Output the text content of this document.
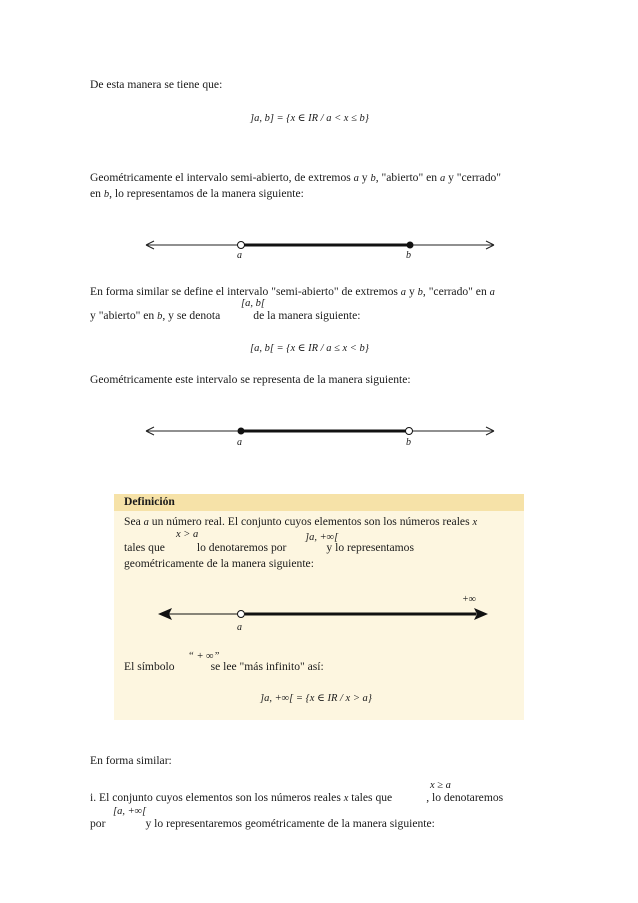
De esta manera se tiene que:
]a, b] = {x ∈ IR / a < x ≤ b}
Geométricamente el intervalo semi-abierto, de extremos a y b, "abierto" en a y "cerrado"
en b, lo representamos de la manera siguiente:
a	b
En forma similar se define el intervalo "semi-abierto" de extremos a y b, "cerrado" en a
[a, b[
y "abierto" en b, y se denota	de la manera siguiente:
[a, b[ = {x ∈ IR / a ≤ x < b}
Geométricamente este intervalo se representa de la manera siguiente:
a	b
Definición
Sea a un número real. El conjunto cuyos elementos son los números reales x
x > a	]a, +∞[
tales que	lo denotaremos por	y lo representamos
geométricamente de la manera siguiente:
+∞
a
“ + ∞”
El símbolo	se lee "más infinito" así:
]a, +∞[ = {x ∈ IR / x > a}
En forma similar:
x ≥ a
i. El conjunto cuyos elementos son los números reales x tales que	, lo denotaremos
[a, +∞[
por	y lo representaremos geométricamente de la manera siguiente:
